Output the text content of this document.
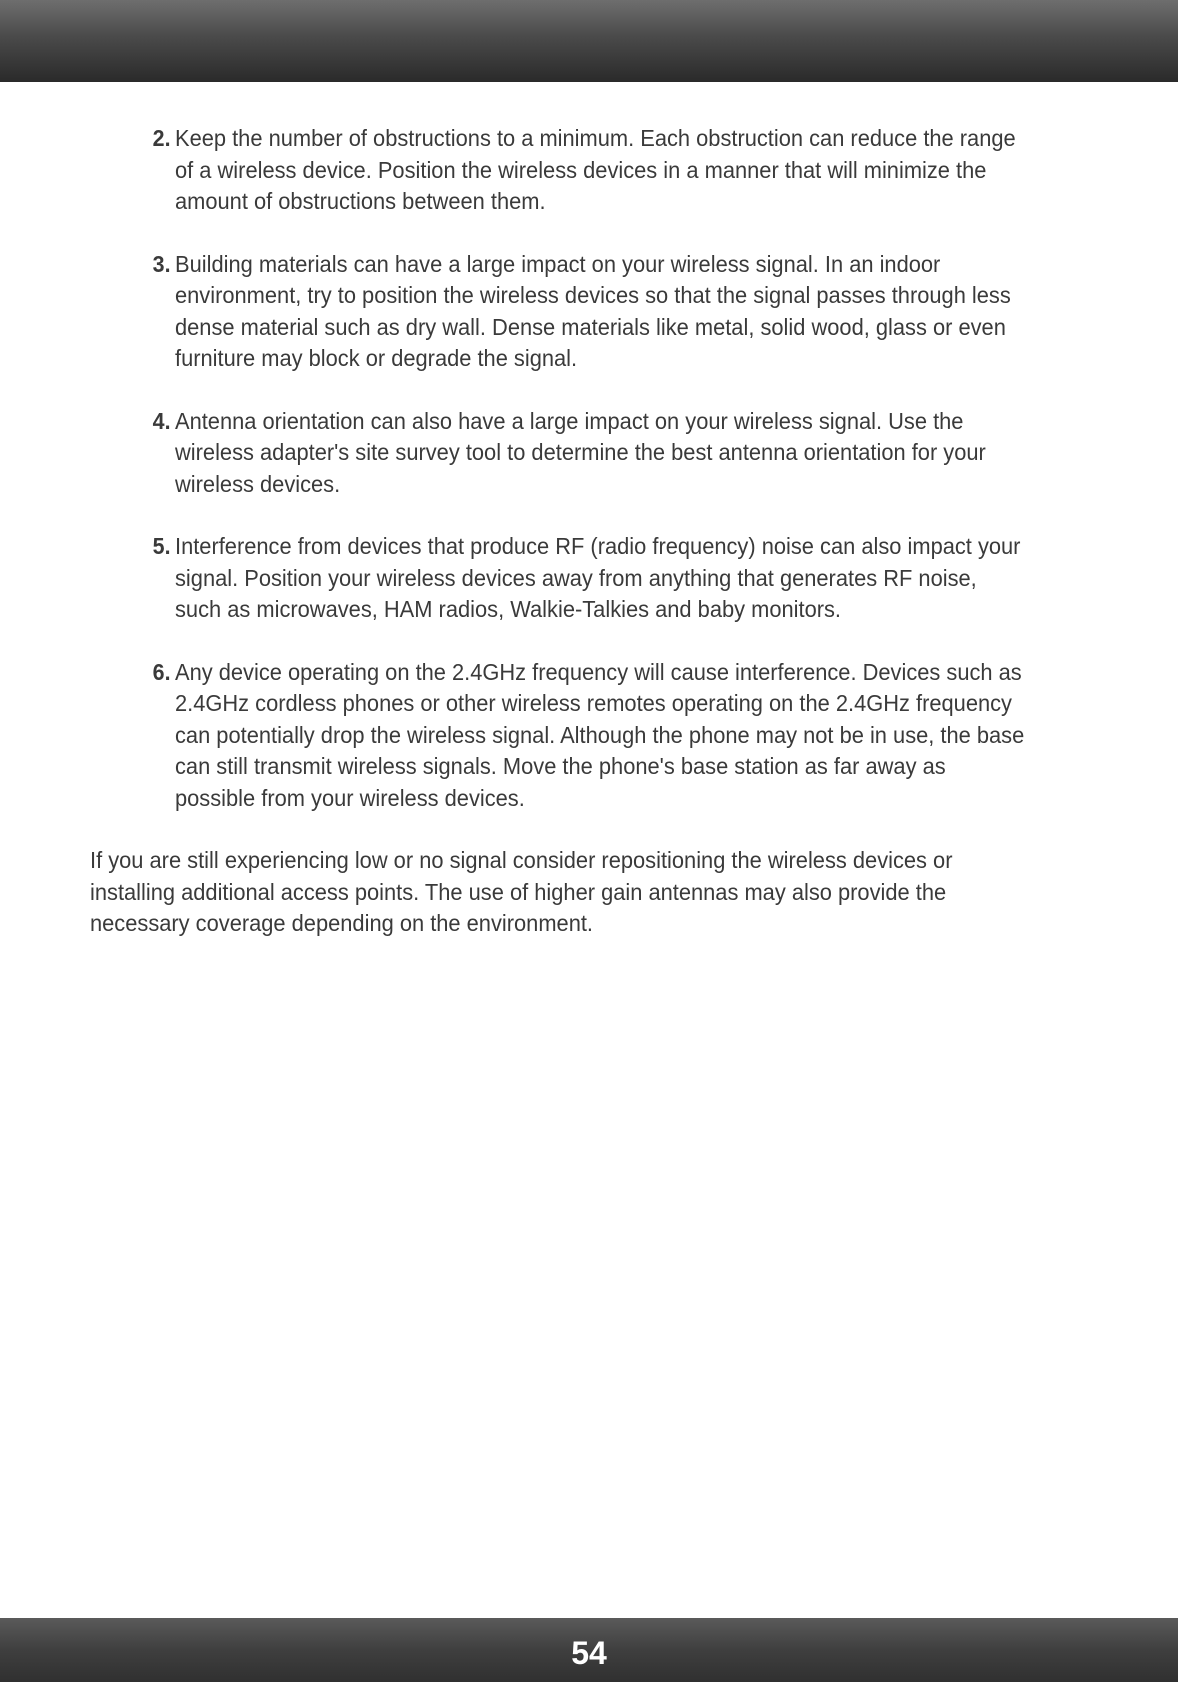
2. Keep the number of obstructions to a minimum. Each obstruction can reduce the range of a wireless device. Position the wireless devices in a manner that will minimize the amount of obstructions between them.
3. Building materials can have a large impact on your wireless signal. In an indoor environment, try to position the wireless devices so that the signal passes through less dense material such as dry wall. Dense materials like metal, solid wood, glass or even furniture may block or degrade the signal.
4. Antenna orientation can also have a large impact on your wireless signal. Use the wireless adapter's site survey tool to determine the best antenna orientation for your wireless devices.
5. Interference from devices that produce RF (radio frequency) noise can also impact your signal. Position your wireless devices away from anything that generates RF noise, such as microwaves, HAM radios, Walkie-Talkies and baby monitors.
6. Any device operating on the 2.4GHz frequency will cause interference. Devices such as 2.4GHz cordless phones or other wireless remotes operating on the 2.4GHz frequency can potentially drop the wireless signal. Although the phone may not be in use, the base can still transmit wireless signals. Move the phone's base station as far away as possible from your wireless devices.
If you are still experiencing low or no signal consider repositioning the wireless devices or installing additional access points. The use of higher gain antennas may also provide the necessary coverage depending on the environment.
54
